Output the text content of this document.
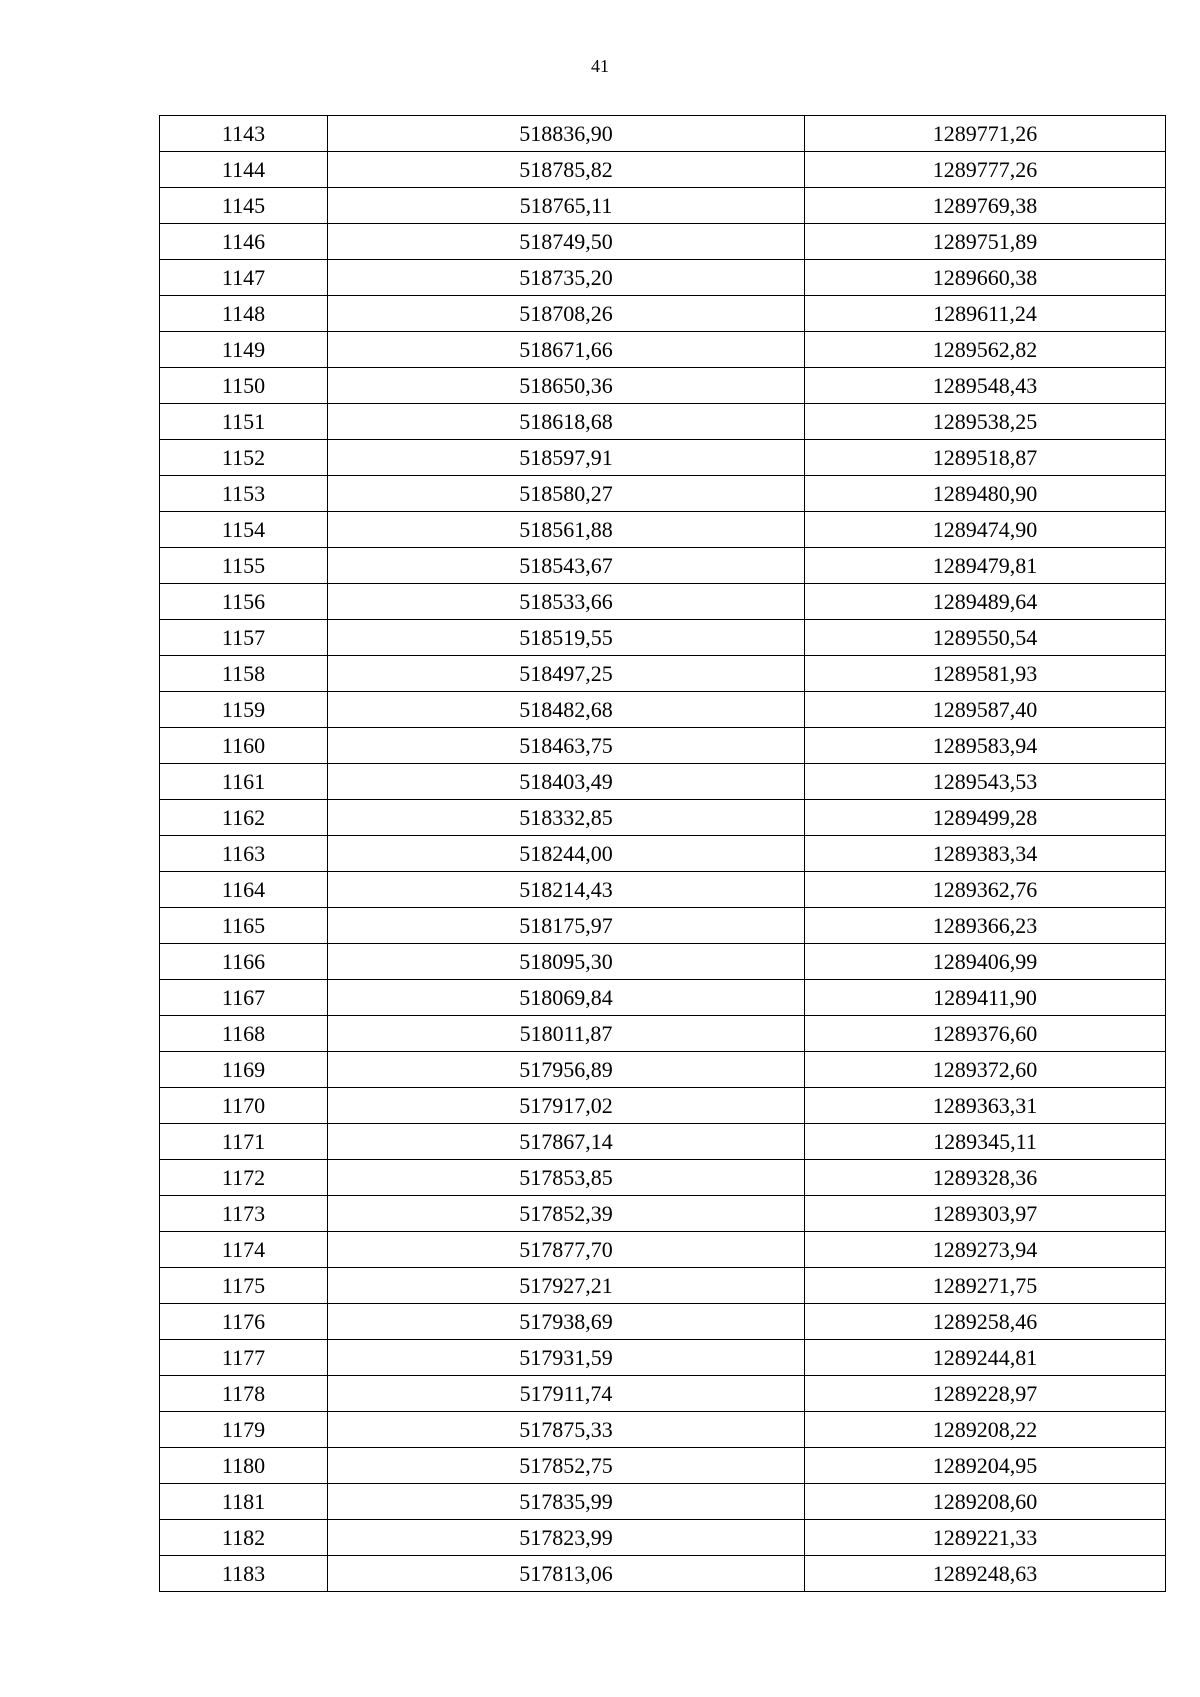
41
1143	518836,90	1289771,26
1144	518785,82	1289777,26
1145	518765,11	1289769,38
1146	518749,50	1289751,89
1147	518735,20	1289660,38
1148	518708,26	1289611,24
1149	518671,66	1289562,82
1150	518650,36	1289548,43
1151	518618,68	1289538,25
1152	518597,91	1289518,87
1153	518580,27	1289480,90
1154	518561,88	1289474,90
1155	518543,67	1289479,81
1156	518533,66	1289489,64
1157	518519,55	1289550,54
1158	518497,25	1289581,93
1159	518482,68	1289587,40
1160	518463,75	1289583,94
1161	518403,49	1289543,53
1162	518332,85	1289499,28
1163	518244,00	1289383,34
1164	518214,43	1289362,76
1165	518175,97	1289366,23
1166	518095,30	1289406,99
1167	518069,84	1289411,90
1168	518011,87	1289376,60
1169	517956,89	1289372,60
1170	517917,02	1289363,31
1171	517867,14	1289345,11
1172	517853,85	1289328,36
1173	517852,39	1289303,97
1174	517877,70	1289273,94
1175	517927,21	1289271,75
1176	517938,69	1289258,46
1177	517931,59	1289244,81
1178	517911,74	1289228,97
1179	517875,33	1289208,22
1180	517852,75	1289204,95
1181	517835,99	1289208,60
1182	517823,99	1289221,33
1183	517813,06	1289248,63
